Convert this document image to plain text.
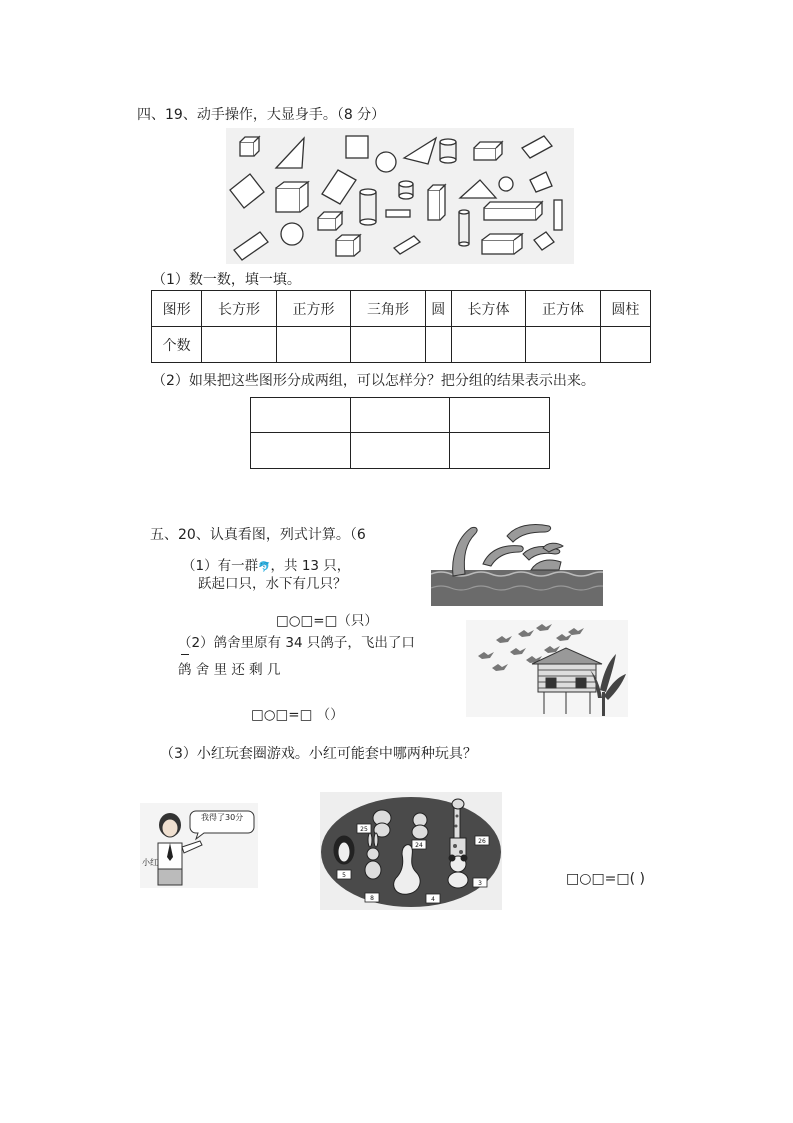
四、19、动手操作，大显身手。（8 分）
（1）数一数，填一填。
图形	长方形	正方形	三角形	圆	长方体	正方体	圆柱
个数							
（2）如果把这些图形分成两组，可以怎样分？把分组的结果表示出来。

五、20、认真看图，列式计算。（6
（1）有一群🐬，共 13 只，
跃起口只，水下有几只？
□○□=□（只）
（2）鸽舍里原有 34 只鸽子，飞出了口
鸽 舍 里 还 剩 几
□○□=□ （）
（3）小红玩套圈游戏。小红可能套中哪两种玩具？
我得了30分
小红
25
24
26
5
8	4
3	□○□=□( )
